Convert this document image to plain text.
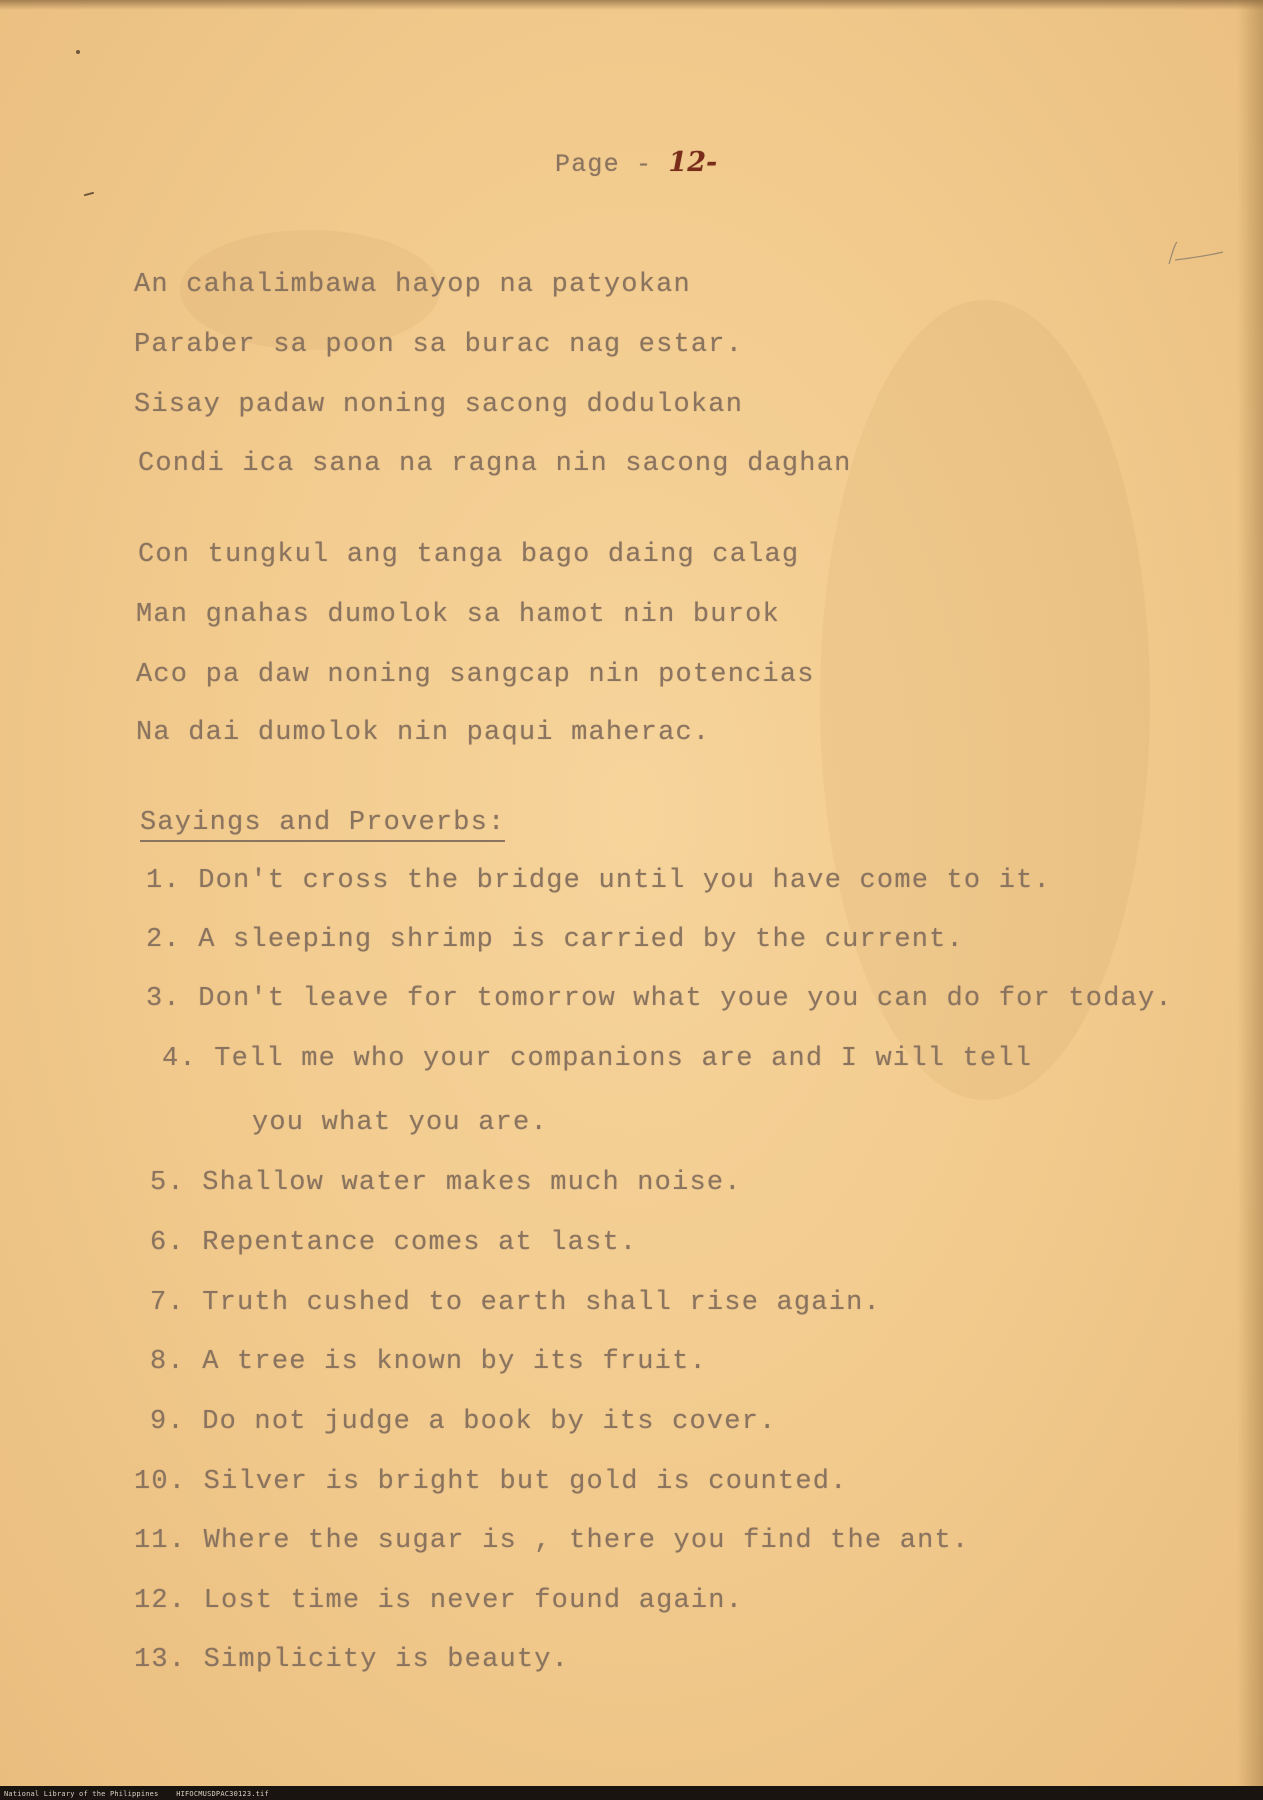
Page - 12-
An cahalimbawa hayop na patyokan
Paraber sa poon sa burac nag estar.
Sisay padaw noning sacong dodulokan
Condi ica sana na ragna nin sacong daghan
Con tungkul ang tanga bago daing calag
Man gnahas dumolok sa hamot nin burok
Aco pa daw noning sangcap nin potencias
Na dai dumolok nin paqui maherac.
Sayings and Proverbs:
1. Don't cross the bridge until you have come to it.
2. A sleeping shrimp is carried by the current.
3. Don't leave for tomorrow what youe you can do for today.
4. Tell me who your companions are and I will tell
you what you are.
5. Shallow water makes much noise.
6. Repentance comes at last.
7. Truth cushed to earth shall rise again.
8. A tree is known by its fruit.
9. Do not judge a book by its cover.
10. Silver is bright but gold is counted.
11. Where the sugar is , there you find the ant.
12. Lost time is never found again.
13. Simplicity is beauty.
National Library of the Philippines	HIFOCMUSDPAC30123.tif
